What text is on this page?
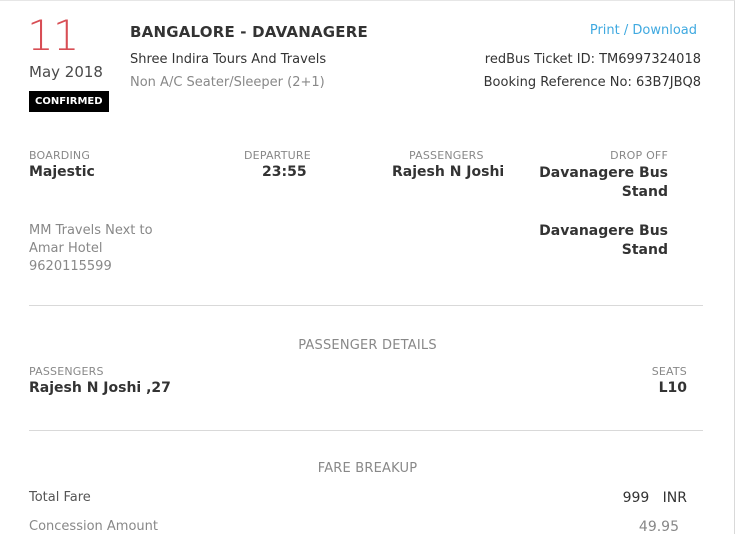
11
May 2018
CONFIRMED
BANGALORE - DAVANAGERE
Shree Indira Tours And Travels
Non A/C Seater/Sleeper (2+1)
Print / Download
redBus Ticket ID: TM6997324018
Booking Reference No: 63B7JBQ8
BOARDING
Majestic
DEPARTURE
23:55
PASSENGERS
Rajesh N Joshi
DROP OFF
Davanagere Bus Stand
MM Travels Next to Amar Hotel 9620115599
Davanagere Bus Stand
PASSENGER DETAILS
PASSENGERS
Rajesh N Joshi ,27
SEATS
L10
FARE BREAKUP
Total Fare	999   INR
Concession Amount	49.95
